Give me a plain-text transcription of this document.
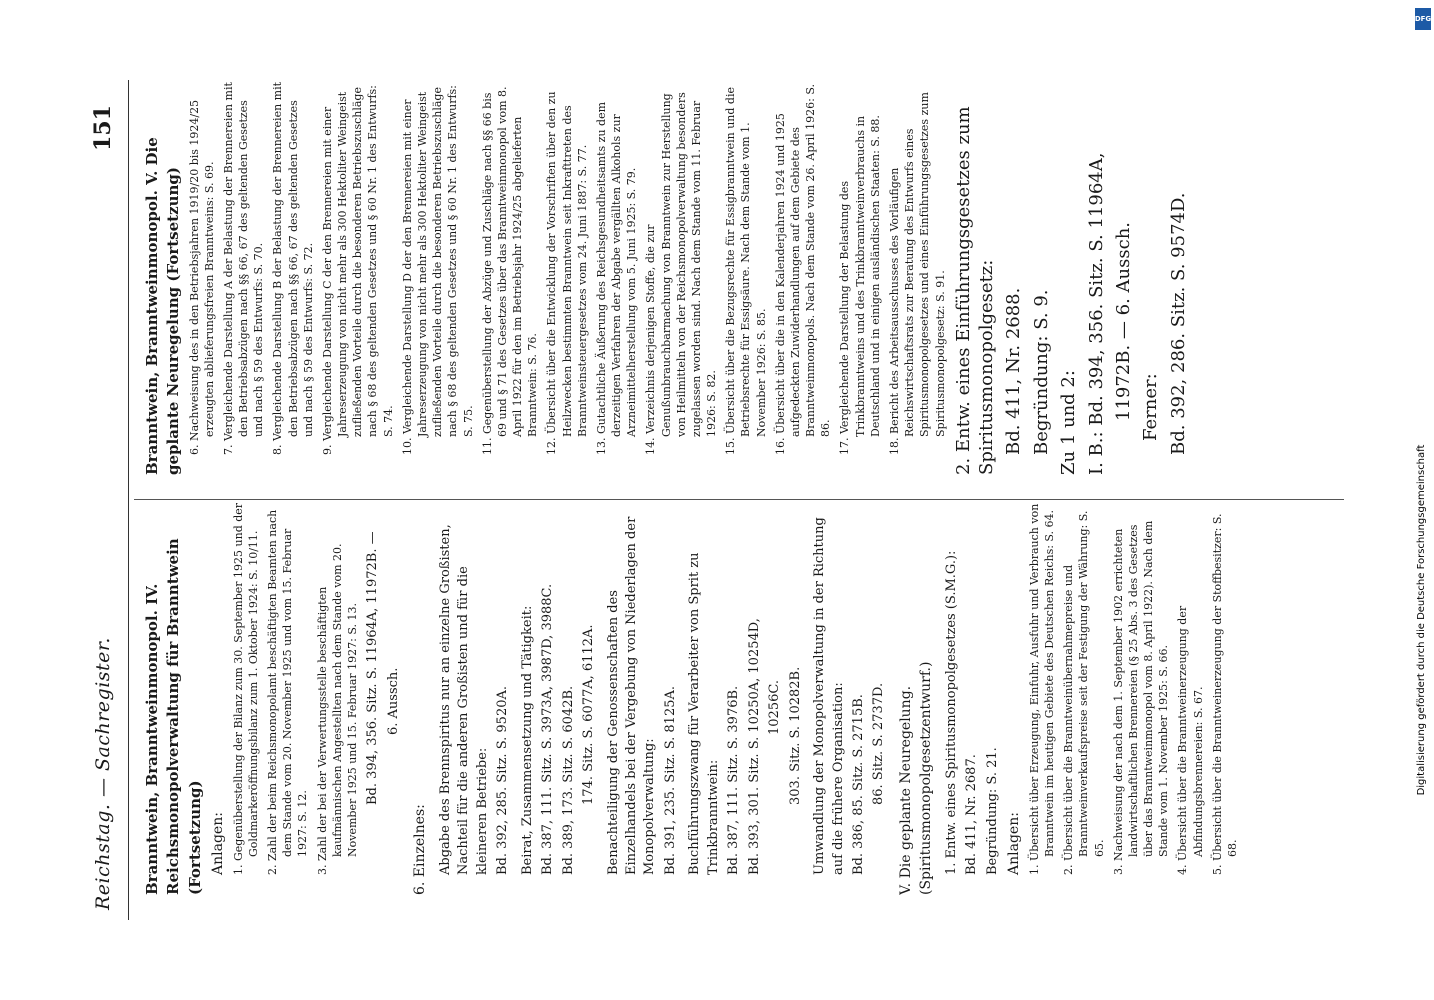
Reichstag. — Sachregister.
151
Branntwein, Branntweinmonopol. IV. Reichsmonopolverwaltung für Branntwein (Fortsetzung) Anlagen: 1. Gegenüberstellung der Bilanz zum 30. September 1925 und der Goldmarkeröffnungsbilanz zum 1. Oktober 1924: S. 10/11. 2. Zahl der beim Reichsmonopolamt beschäftigten Beamten nach dem Stande vom 20. November 1925 und vom 15. Februar 1927: S. 12. 3. Zahl der bei der Verwertungsstelle beschäftigten kaufmännischen Angestellten nach dem Stande vom 20. November 1925 und 15. Februar 1927: S. 13. Bd. 394, 356. Sitz. S. 11964A, 11972B. — 6. Aussch.
6. Einzelnes: Abgabe des Brennspiritus nur an einzelne Großisten, Nachteil für die anderen Großisten und für die kleineren Betriebe: Bd. 392, 285. Sitz. S. 9520A. Beirat, Zusammensetzung und Tätigkeit: Bd. 387, 111. Sitz. S. 3973A, 3987D, 3988C. Bd. 389, 173. Sitz. S. 6042B. 174. Sitz. S. 6077A, 6112A. Benachteiligung der Genossenschaften des Einzelhandels bei der Vergebung von Niederlagen der Monopolverwaltung: Bd. 391, 235. Sitz. S. 8125A. Buchführungszwang für Verarbeiter von Sprit zu Trinkbranntwein: Bd. 387, 111. Sitz. S. 3976B. Bd. 393, 301. Sitz. S. 10250A, 10254D, 10256C. 303. Sitz. S. 10282B. Umwandlung der Monopolverwaltung in der Richtung auf die frühere Organisation: Bd. 386, 85. Sitz. S. 2715B. 86. Sitz. S. 2737D. V. Die geplante Neuregelung. (Spiritusmonopolgesetzentwurf.) 1. Entw. eines Spiritusmonopolgesetzes (S.M.G.): Bd. 411, Nr. 2687. Begründung: S. 21. Anlagen: 1. Übersicht über Erzeugung, Einfuhr, Ausfuhr und Verbrauch von Branntwein im heutigen Gebiete des Deutschen Reichs: S. 64. 2. Übersicht über die Branntweinübernahmepreise und Branntweinverkaufspreise seit der Festigung der Währung: S. 65. 3. Nachweisung der nach dem 1. September 1902 errichteten landwirtschaftlichen Brennereien (§ 25 Abs. 3 des Gesetzes über das Branntweinmonopol vom 8. April 1922). Nach dem Stande vom 1. November 1925: S. 66. 4. Übersicht über die Branntweinerzeugung der Abfindungsbrennereien: S. 67. 5. Übersicht über die Branntweinerzeugung der Stoffbesitzer: S. 68.
Branntwein, Branntweinmonopol. V. Die geplante Neuregelung (Fortsetzung) 6. Nachweisung des in den Betriebsjahren 1919/20 bis 1924/25 erzeugten ablieferungsfreien Branntweins: S. 69. 7. Vergleichende Darstellung A der Belastung der Brennereien mit den Betriebsabzügen nach §§ 66, 67 des geltenden Gesetzes und nach § 59 des Entwurfs: S. 70. 8. Vergleichende Darstellung B der Belastung der Brennereien mit den Betriebsabzügen nach §§ 66, 67 des geltenden Gesetzes und nach § 59 des Entwurfs: S. 72. 9. Vergleichende Darstellung C der den Brennereien mit einer Jahreserzeugung von nicht mehr als 300 Hektoliter Weingeist zufließenden Vorteile durch die besonderen Betriebszuschläge nach § 68 des geltenden Gesetzes und § 60 Nr. 1 des Entwurfs: S. 74. 10. Vergleichende Darstellung D der den Brennereien mit einer Jahreserzeugung von nicht mehr als 300 Hektoliter Weingeist zufließenden Vorteile durch die besonderen Betriebszuschläge nach § 68 des geltenden Gesetzes und § 60 Nr. 1 des Entwurfs: S. 75. 11. Gegenüberstellung der Abzüge und Zuschläge nach §§ 66 bis 69 und § 71 des Gesetzes über das Branntweinmonopol vom 8. April 1922 für den im Betriebsjahr 1924/25 abgelieferten Branntwein: S. 76. 12. Übersicht über die Entwicklung der Vorschriften über den zu Heilzwecken bestimmten Branntwein seit Inkrafttreten des Branntweinsteuergesetzes vom 24. Juni 1887: S. 77. 13. Gutachtliche Äußerung des Reichsgesundheitsamts zu dem derzeitigen Verfahren der Abgabe vergällten Alkohols zur Arzneimittelherstellung vom 5. Juni 1925: S. 79. 14. Verzeichnis derjenigen Stoffe, die zur Genußunbrauchbarmachung von Branntwein zur Herstellung von Heilmitteln von der Reichsmonopolverwaltung besonders zugelassen worden sind. Nach dem Stande vom 11. Februar 1926: S. 82. 15. Übersicht über die Bezugsrechte für Essigbranntwein und die Betriebsrechte für Essigsäure. Nach dem Stande vom 1. November 1926: S. 85. 16. Übersicht über die in den Kalenderjahren 1924 und 1925 aufgedeckten Zuwiderhandlungen auf dem Gebiete des Branntweinmonopols. Nach dem Stande vom 26. April 1926: S. 86. 17. Vergleichende Darstellung der Belastung des Trinkbranntweins und des Trinkbranntweinverbrauchs in Deutschland und in einigen ausländischen Staaten: S. 88. 18. Bericht des Arbeitsausschusses des Vorläufigen Reichswirtschaftsrats zur Beratung des Entwurfs eines Spiritusmonopolgesetzes und eines Einführungsgesetzes zum Spiritusmonopolgesetz: S. 91. 2. Entw. eines Einführungsgesetzes zum Spiritusmonopolgesetz: Bd. 411, Nr. 2688. Begründung: S. 9. Zu 1 und 2: I. B.: Bd. 394, 356. Sitz. S. 11964A, 11972B. — 6. Aussch. Ferner: Bd. 392, 286. Sitz. S. 9574D.
DFG
Digitalisierung gefördert durch die Deutsche Forschungsgemeinschaft
